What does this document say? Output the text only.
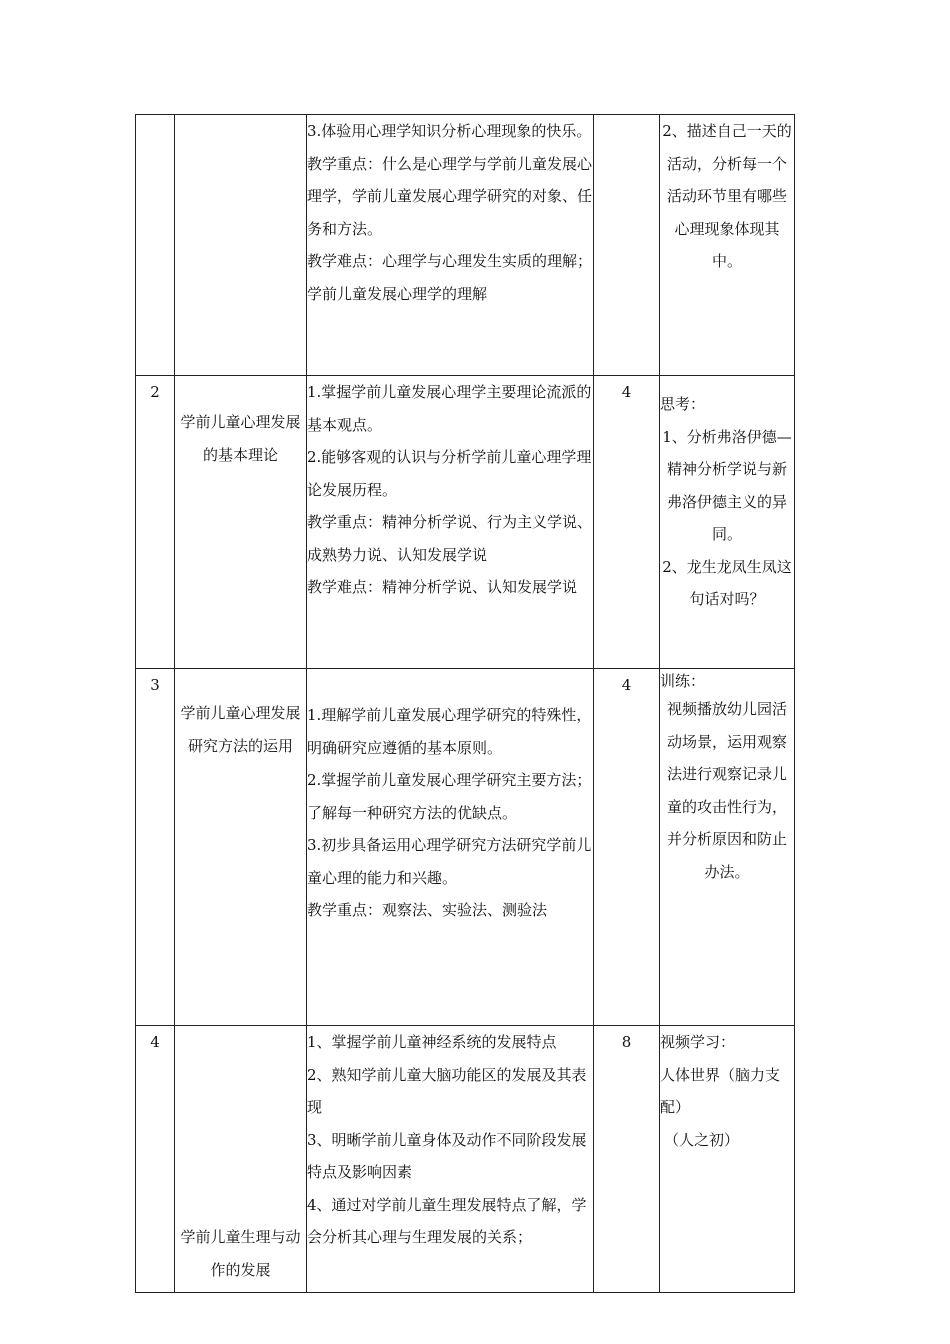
		3.体验用心理学知识分析心理现象的快乐。
教学重点：什么是心理学与学前儿童发展心理学，学前儿童发展心理学研究的对象、任务和方法。
教学难点：心理学与心理发生实质的理解；学前儿童发展心理学的理解		2、描述自己一天的活动，分析每一个活动环节里有哪些心理现象体现其中。

2	学前儿童心理发展的基本理论	1.掌握学前儿童发展心理学主要理论流派的基本观点。
2.能够客观的认识与分析学前儿童心理学理论发展历程。
教学重点：精神分析学说、行为主义学说、成熟势力说、认知发展学说
教学难点：精神分析学说、认知发展学说	4	思考：
1、分析弗洛伊德—精神分析学说与新弗洛伊德主义的异同。
2、龙生龙凤生凤这句话对吗？

3	学前儿童心理发展研究方法的运用	1.理解学前儿童发展心理学研究的特殊性，明确研究应遵循的基本原则。
2.掌握学前儿童发展心理学研究主要方法；了解每一种研究方法的优缺点。
3.初步具备运用心理学研究方法研究学前儿童心理的能力和兴趣。
教学重点：观察法、实验法、测验法	4	训练：
视频播放幼儿园活动场景，运用观察法进行观察记录儿童的攻击性行为，并分析原因和防止办法。

4	学前儿童生理与动作的发展	1、掌握学前儿童神经系统的发展特点
2、熟知学前儿童大脑功能区的发展及其表现
3、明晰学前儿童身体及动作不同阶段发展特点及影响因素
4、通过对学前儿童生理发展特点了解，学会分析其心理与生理发展的关系；	8	视频学习：
人体世界（脑力支配）
（人之初）
